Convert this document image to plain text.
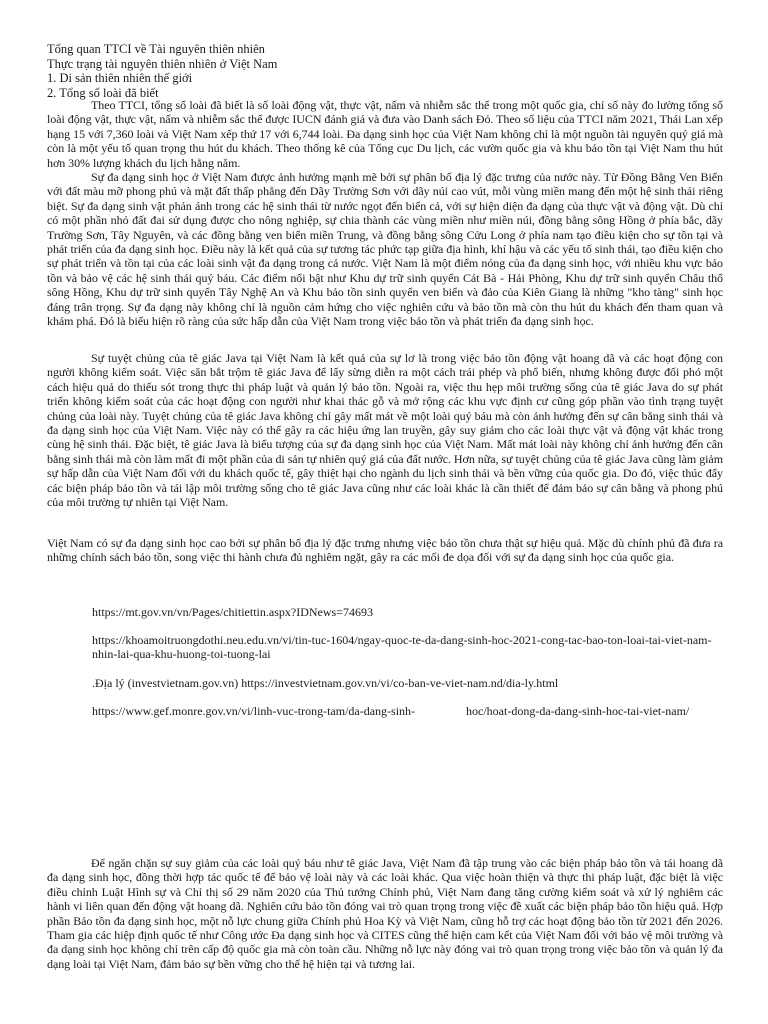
Tổng quan TTCI về Tài nguyên thiên nhiên
Thực trạng tài nguyên thiên nhiên ở Việt Nam
1. Di sản thiên nhiên thế giới
2. Tổng số loài đã biết

Theo TTCI, tổng số loài đã biết là số loài động vật, thực vật, nấm và nhiễm sắc thể trong một quốc gia, chỉ số này đo lường tổng số loài động vật, thực vật, nấm và nhiễm sắc thể được IUCN đánh giá và đưa vào Danh sách Đỏ. Theo số liệu của TTCI năm 2021, Thái Lan xếp hạng 15 với 7,360 loài và Việt Nam xếp thứ 17 với 6,744 loài. Đa dạng sinh học của Việt Nam không chỉ là một nguồn tài nguyên quý giá mà còn là một yếu tố quan trọng thu hút du khách. Theo thống kê của Tổng cục Du lịch, các vườn quốc gia và khu bảo tồn tại Việt Nam thu hút hơn 30% lượng khách du lịch hằng năm.

Sự đa dạng sinh học ở Việt Nam được ảnh hưởng mạnh mẽ bởi sự phân bố địa lý đặc trưng của nước này. Từ Đồng Bằng Ven Biển với đất màu mỡ phong phú và mặt đất thấp phẳng đến Dãy Trường Sơn với dãy núi cao vút, mỗi vùng miền mang đến một hệ sinh thái riêng biệt. Sự đa dạng sinh vật phản ánh trong các hệ sinh thái từ nước ngọt đến biển cả, với sự hiện diện đa dạng của thực vật và động vật. Dù chỉ có một phần nhỏ đất đai sử dụng được cho nông nghiệp, sự chia thành các vùng miền như miền núi, đồng bằng sông Hồng ở phía bắc, dãy Trường Sơn, Tây Nguyên, và các đồng bằng ven biển miền Trung, và đồng bằng sông Cửu Long ở phía nam tạo điều kiện cho sự tồn tại và phát triển của đa dạng sinh học. Điều này là kết quả của sự tương tác phức tạp giữa địa hình, khí hậu và các yếu tố sinh thái, tạo điều kiện cho sự phát triển và tồn tại của các loài sinh vật đa dạng trong cả nước. Việt Nam là một điểm nóng của đa dạng sinh học, với nhiều khu vực bảo tồn và bảo vệ các hệ sinh thái quý báu. Các điểm nổi bật như Khu dự trữ sinh quyển Cát Bà - Hải Phòng, Khu dự trữ sinh quyển Châu thổ sông Hồng, Khu dự trữ sinh quyển Tây Nghệ An và Khu bảo tồn sinh quyển ven biển và đảo của Kiên Giang là những "kho tàng" sinh học đáng trân trọng. Sự đa dạng này không chỉ là nguồn cảm hứng cho việc nghiên cứu và bảo tồn mà còn thu hút du khách đến tham quan và khám phá. Đó là biểu hiện rõ ràng của sức hấp dẫn của Việt Nam trong việc bảo tồn và phát triển đa dạng sinh học.

Sự tuyệt chủng của tê giác Java tại Việt Nam là kết quả của sự lơ là trong việc bảo tồn động vật hoang dã và các hoạt động con người không kiểm soát. Việc săn bắt trộm tê giác Java để lấy sừng diễn ra một cách trái phép và phổ biến, nhưng không được đối phó một cách hiệu quả do thiếu sót trong thực thi pháp luật và quản lý bảo tồn. Ngoài ra, việc thu hẹp môi trường sống của tê giác Java do sự phát triển không kiểm soát của các hoạt động con người như khai thác gỗ và mở rộng các khu vực định cư cũng góp phần vào tình trạng tuyệt chủng của loài này. Tuyệt chủng của tê giác Java không chỉ gây mất mát về một loài quý báu mà còn ảnh hưởng đến sự cân bằng sinh thái và đa dạng sinh học của Việt Nam. Việc này có thể gây ra các hiệu ứng lan truyền, gây suy giảm cho các loài thực vật và động vật khác trong cùng hệ sinh thái. Đặc biệt, tê giác Java là biểu tượng của sự đa dạng sinh học của Việt Nam. Mất mát loài này không chỉ ảnh hưởng đến cân bằng sinh thái mà còn làm mất đi một phần của di sản tự nhiên quý giá của đất nước. Hơn nữa, sự tuyệt chủng của tê giác Java cũng làm giảm sự hấp dẫn của Việt Nam đối với du khách quốc tế, gây thiệt hại cho ngành du lịch sinh thái và bền vững của quốc gia. Do đó, việc thúc đẩy các biện pháp bảo tồn và tái lập môi trường sống cho tê giác Java cũng như các loài khác là cần thiết để đảm bảo sự cân bằng và phong phú của môi trường tự nhiên tại Việt Nam.

Việt Nam có sự đa dạng sinh học cao bởi sự phân bố địa lý đặc trưng nhưng việc bảo tồn chưa thật sự hiệu quả. Mặc dù chính phủ đã đưa ra những chính sách bảo tồn, song việc thi hành chưa đủ nghiêm ngặt, gây ra các mối đe dọa đối với sự đa dạng sinh học của quốc gia.

https://mt.gov.vn/vn/Pages/chitiettin.aspx?IDNews=74693
https://khoamoitruongdothi.neu.edu.vn/vi/tin-tuc-1604/ngay-quoc-te-da-dang-sinh-hoc-2021-cong-tac-bao-ton-loai-tai-viet-nam-nhin-lai-qua-khu-huong-toi-tuong-lai
.Địa lý (investvietnam.gov.vn) https://investvietnam.gov.vn/vi/co-ban-ve-viet-nam.nd/dia-ly.html
https://www.gef.monre.gov.vn/vi/linh-vuc-trong-tam/da-dang-sinh-	hoc/hoat-dong-da-dang-sinh-hoc-tai-viet-nam/

Để ngăn chặn sự suy giảm của các loài quý báu như tê giác Java, Việt Nam đã tập trung vào các biện pháp bảo tồn và tái hoang dã đa dạng sinh học, đồng thời hợp tác quốc tế để bảo vệ loài này và các loài khác. Qua việc hoàn thiện và thực thi pháp luật, đặc biệt là việc điều chỉnh Luật Hình sự và Chỉ thị số 29 năm 2020 của Thủ tướng Chính phủ, Việt Nam đang tăng cường kiểm soát và xử lý nghiêm các hành vi liên quan đến động vật hoang dã. Nghiên cứu bảo tồn đóng vai trò quan trọng trong việc đề xuất các biện pháp bảo tồn hiệu quả. Hợp phần Bảo tồn đa dạng sinh học, một nỗ lực chung giữa Chính phủ Hoa Kỳ và Việt Nam, cũng hỗ trợ các hoạt động bảo tồn từ 2021 đến 2026. Tham gia các hiệp định quốc tế như Công ước Đa dạng sinh học và CITES cũng thể hiện cam kết của Việt Nam đối với bảo vệ môi trường và đa dạng sinh học không chỉ trên cấp độ quốc gia mà còn toàn cầu. Những nỗ lực này đóng vai trò quan trọng trong việc bảo tồn và quản lý đa dạng loài tại Việt Nam, đảm bảo sự bền vững cho thế hệ hiện tại và tương lai.
